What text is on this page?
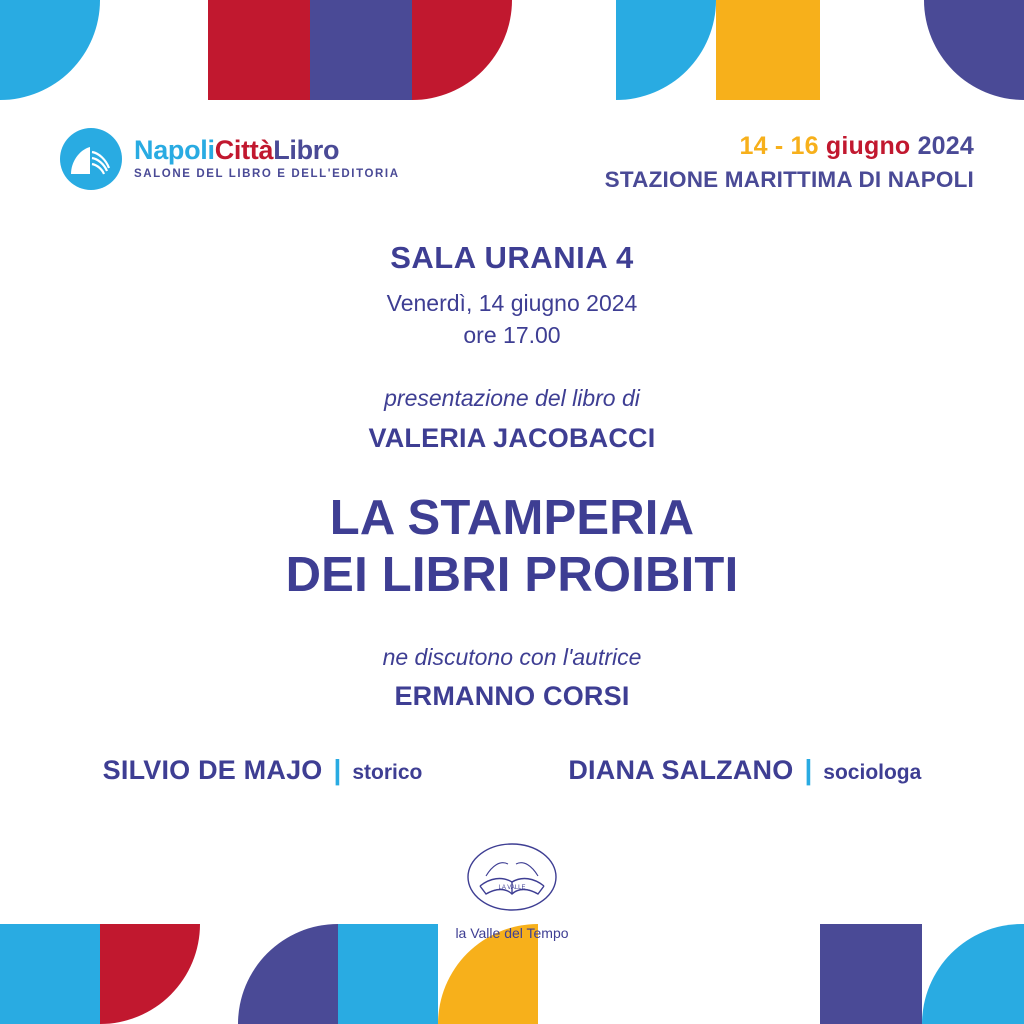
NapoliCittàLibro
SALONE DEL LIBRO E DELL'EDITORIA
14 - 16 giugno 2024
STAZIONE MARITTIMA DI NAPOLI
SALA URANIA 4
Venerdì, 14 giugno 2024
ore 17.00
presentazione del libro di
VALERIA JACOBACCI
LA STAMPERIA
DEI LIBRI PROIBITI
ne discutono con l'autrice
ERMANNO CORSI
SILVIO DE MAJO | storico	DIANA SALZANO | sociologa
LA VALLE
la Valle del Tempo
